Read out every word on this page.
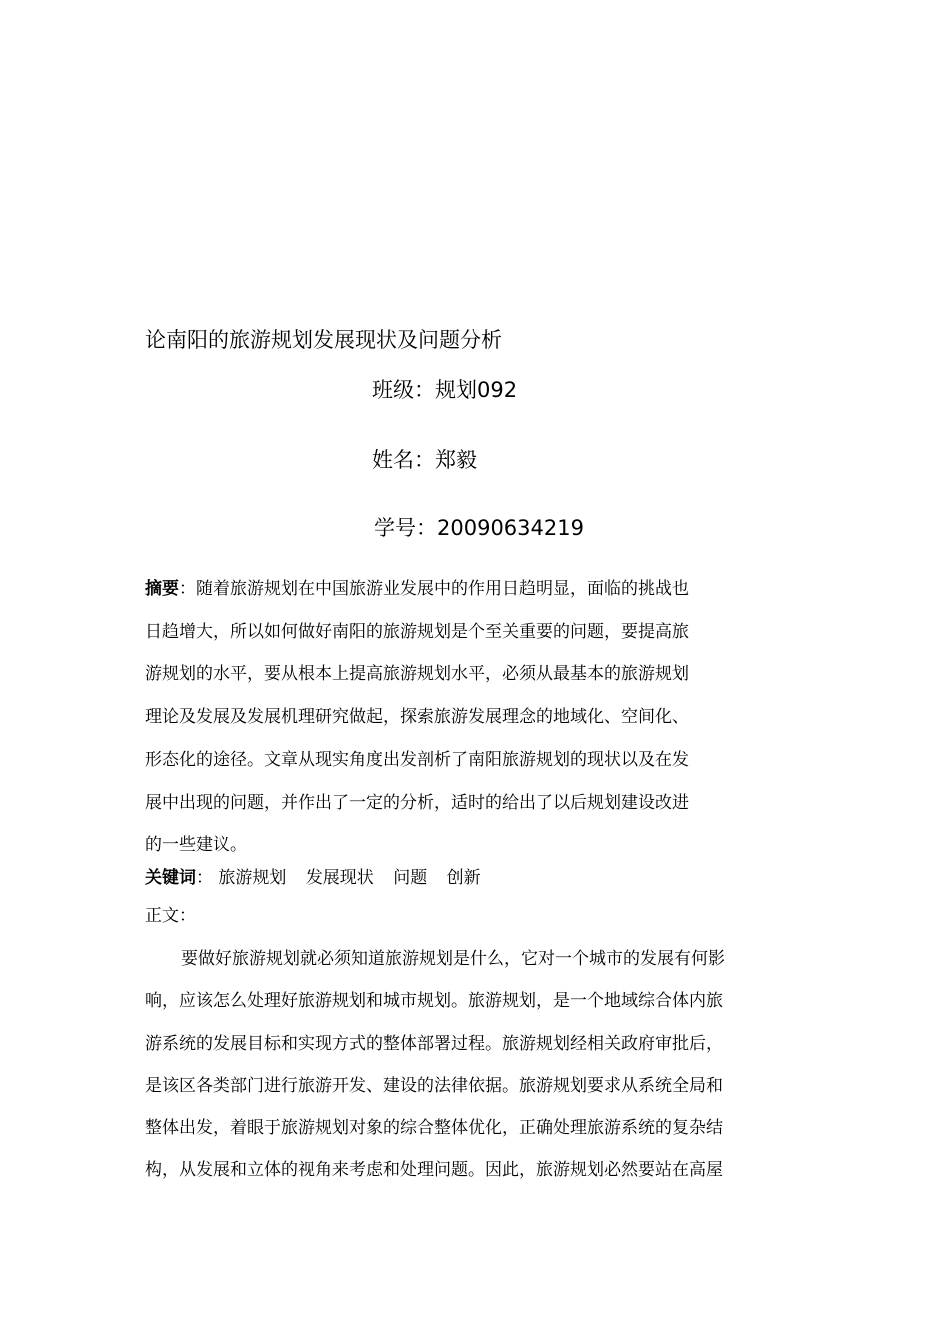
论南阳的旅游规划发展现状及问题分析
班级：规划092
姓名：郑毅
学号：20090634219
摘要：随着旅游规划在中国旅游业发展中的作用日趋明显，面临的挑战也
日趋增大，所以如何做好南阳的旅游规划是个至关重要的问题，要提高旅
游规划的水平，要从根本上提高旅游规划水平，必须从最基本的旅游规划
理论及发展及发展机理研究做起，探索旅游发展理念的地域化、空间化、
形态化的途径。文章从现实角度出发剖析了南阳旅游规划的现状以及在发
展中出现的问题，并作出了一定的分析，适时的给出了以后规划建设改进
的一些建议。
关键词： 旅游规划 发展现状 问题 创新
正文：
要做好旅游规划就必须知道旅游规划是什么，它对一个城市的发展有何影
响，应该怎么处理好旅游规划和城市规划。旅游规划，是一个地域综合体内旅
游系统的发展目标和实现方式的整体部署过程。旅游规划经相关政府审批后，
是该区各类部门进行旅游开发、建设的法律依据。旅游规划要求从系统全局和
整体出发，着眼于旅游规划对象的综合整体优化，正确处理旅游系统的复杂结
构，从发展和立体的视角来考虑和处理问题。因此，旅游规划必然要站在高屋
